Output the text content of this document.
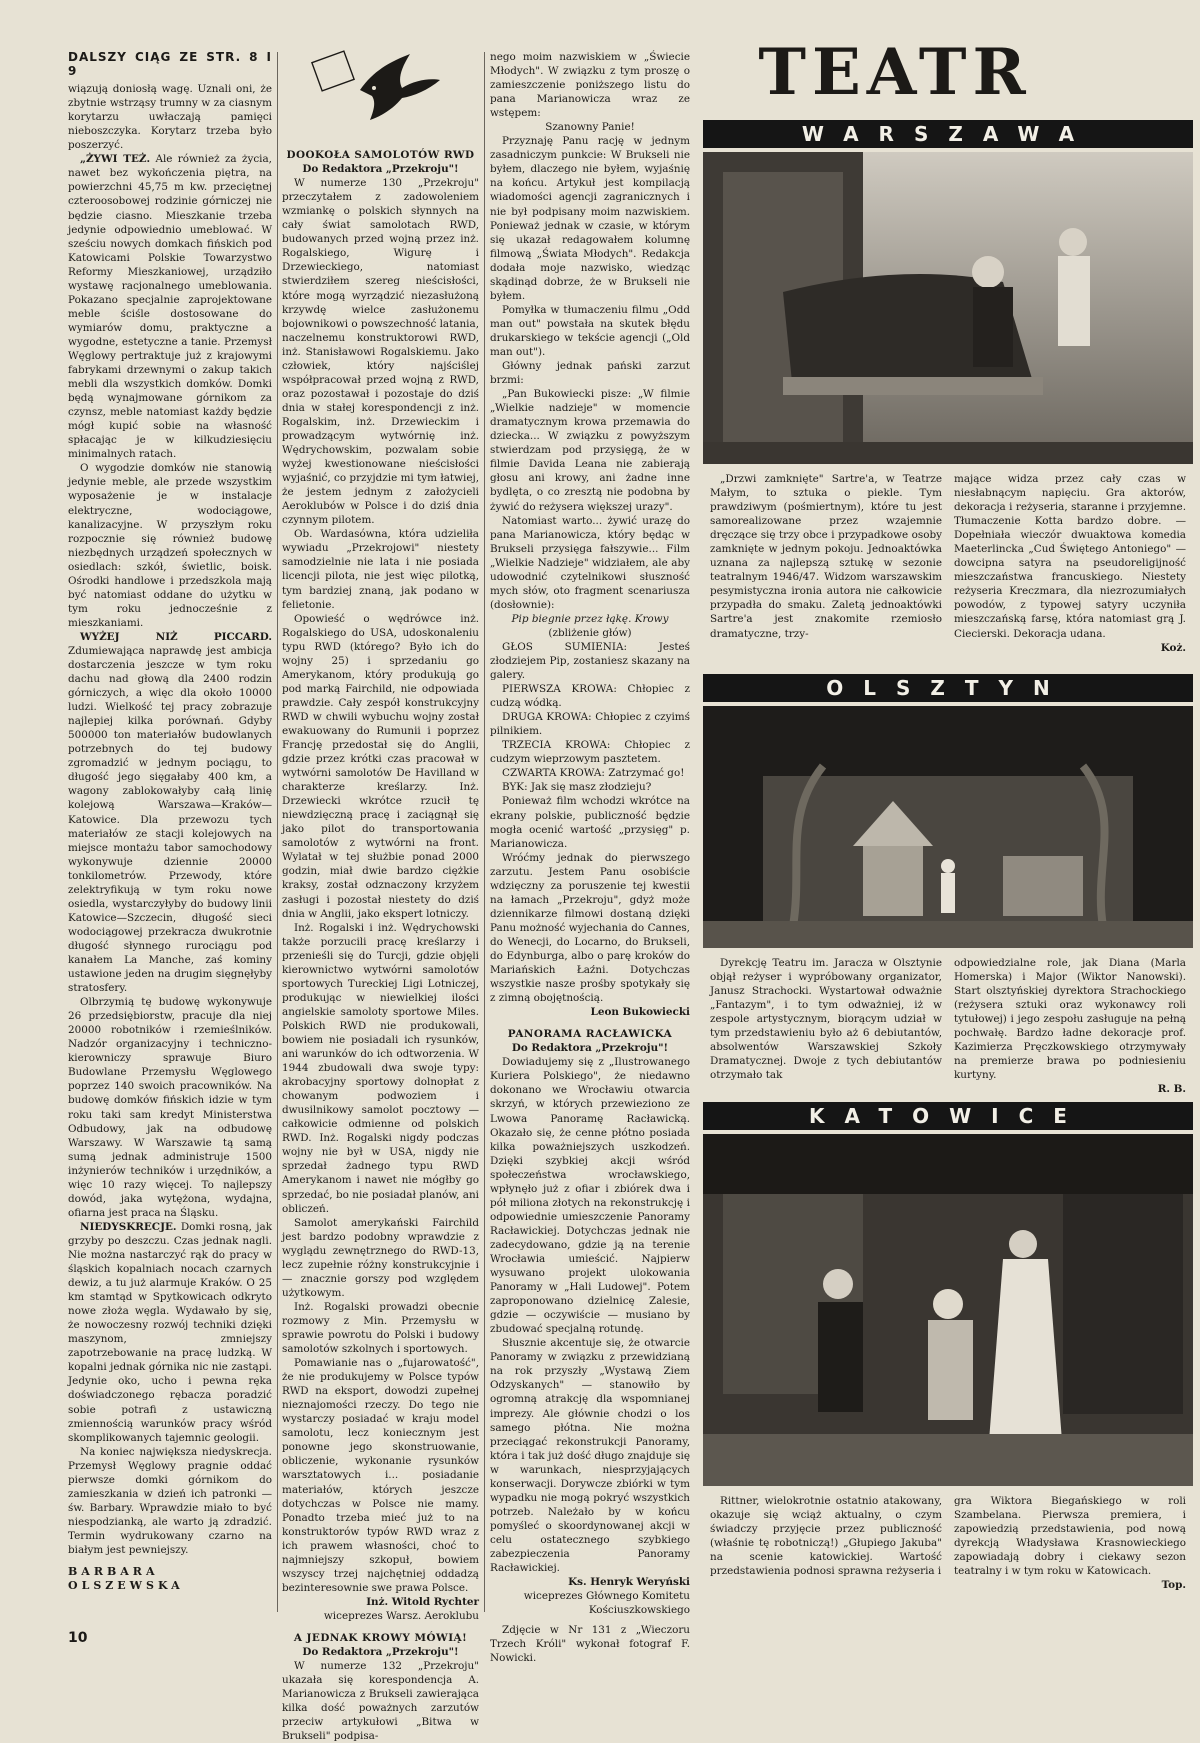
DALSZY CIĄG ZE STR. 8 I 9

wiązują doniosłą wagę. Uznali oni, że zbytnie wstrząsy trumny w za ciasnym korytarzu uwłaczają pamięci nieboszczyka. Korytarz trzeba było poszerzyć.

„ŻYWI TEŻ. Ale również za życia, nawet bez wykończenia piętra, na powierzchni 45,75 m kw. przeciętnej czteroosobowej rodzinie górniczej nie będzie ciasno. Mieszkanie trzeba jedynie odpowiednio umeblować. W sześciu nowych domkach fińskich pod Katowicami Polskie Towarzystwo Reformy Mieszkaniowej, urządziło wystawę racjonalnego umeblowania. Pokazano specjalnie zaprojektowane meble ściśle dostosowane do wymiarów domu, praktyczne a wygodne, estetyczne a tanie. Przemysł Węglowy pertraktuje już z krajowymi fabrykami drzewnymi o zakup takich mebli dla wszystkich domków. Domki będą wynajmowane górnikom za czynsz, meble natomiast każdy będzie mógł kupić sobie na własność spłacając je w kilkudziesięciu minimalnych ratach.

O wygodzie domków nie stanowią jedynie meble, ale przede wszystkim wyposażenie je w instalacje elektryczne, wodociągowe, kanalizacyjne. W przyszłym roku rozpocznie się również budowę niezbędnych urządzeń społecznych w osiedlach: szkół, świetlic, boisk. Ośrodki handlowe i przedszkola mają być natomiast oddane do użytku w tym roku jednocześnie z mieszkaniami.

WYŻEJ NIŻ PICCARD. Zdumiewająca naprawdę jest ambicja dostarczenia jeszcze w tym roku dachu nad głową dla 2400 rodzin górniczych, a więc dla około 10000 ludzi. Wielkość tej pracy zobrazuje najlepiej kilka porównań. Gdyby 500000 ton materiałów budowlanych potrzebnych do tej budowy zgromadzić w jednym pociągu, to długość jego sięgałaby 400 km, a wagony zablokowałyby całą linię kolejową Warszawa—Kraków—Katowice. Dla przewozu tych materiałów ze stacji kolejowych na miejsce montażu tabor samochodowy wykonywuje dziennie 20000 tonkilometrów. Przewody, które zelektryfikują w tym roku nowe osiedla, wystarczyłyby do budowy linii Katowice—Szczecin, długość sieci wodociągowej przekracza dwukrotnie długość słynnego rurociągu pod kanałem La Manche, zaś kominy ustawione jeden na drugim sięgnęłyby stratosfery.

Olbrzymią tę budowę wykonywuje 26 przedsiębiorstw, pracuje dla niej 20000 robotników i rzemieślników. Nadzór organizacyjny i techniczno-kierowniczy sprawuje Biuro Budowlane Przemysłu Węglowego poprzez 140 swoich pracowników. Na budowę domków fińskich idzie w tym roku taki sam kredyt Ministerstwa Odbudowy, jak na odbudowę Warszawy. W Warszawie tą samą sumą jednak administruje 1500 inżynierów techników i urzędników, a więc 10 razy więcej. To najlepszy dowód, jaka wytężona, wydajna, ofiarna jest praca na Śląsku.

NIEDYSKRECJE. Domki rosną, jak grzyby po deszczu. Czas jednak nagli. Nie można nastarczyć rąk do pracy w śląskich kopalniach nocach czarnych dewiz, a tu już alarmuje Kraków. O 25 km stamtąd w Spytkowicach odkryto nowe złoża węgla. Wydawało by się, że nowoczesny rozwój techniki dzięki maszynom, zmniejszy zapotrzebowanie na pracę ludzką. W kopalni jednak górnika nic nie zastąpi. Jedynie oko, ucho i pewna ręka doświadczonego rębacza poradzić sobie potrafi z ustawiczną zmiennością warunków pracy wśród skomplikowanych tajemnic geologii.

Na koniec największa niedyskrecja. Przemysł Węglowy pragnie oddać pierwsze domki górnikom do zamieszkania w dzień ich patronki — św. Barbary. Wprawdzie miało to być niespodzianką, ale warto ją zdradzić. Termin wydrukowany czarno na białym jest pewniejszy.

BARBARA OLSZEWSKA

DOOKOŁA SAMOLOTÓW RWD

Do Redaktora „Przekroju"!

W numerze 130 „Przekroju" przeczytałem z zadowoleniem wzmiankę o polskich słynnych na cały świat samolotach RWD, budowanych przed wojną przez inż. Rogalskiego, Wigurę i Drzewieckiego, natomiast stwierdziłem szereg nieścisłości, które mogą wyrządzić niezasłużoną krzywdę wielce zasłużonemu bojownikowi o powszechność latania, naczelnemu konstruktorowi RWD, inż. Stanisławowi Rogalskiemu. Jako człowiek, który najściślej współpracował przed wojną z RWD, oraz pozostawał i pozostaje do dziś dnia w stałej korespondencji z inż. Rogalskim, inż. Drzewieckim i prowadzącym wytwórnię inż. Wędrychowskim, pozwalam sobie wyżej kwestionowane nieścisłości wyjaśnić, co przyjdzie mi tym łatwiej, że jestem jednym z założycieli Aeroklubów w Polsce i do dziś dnia czynnym pilotem.

Ob. Wardasówna, która udzieliła wywiadu „Przekrojowi" niestety samodzielnie nie lata i nie posiada licencji pilota, nie jest więc pilotką, tym bardziej znaną, jak podano w felietonie.

Opowieść o wędrówce inż. Rogalskiego do USA, udoskonaleniu typu RWD (którego? Było ich do wojny 25) i sprzedaniu go Amerykanom, który produkują go pod marką Fairchild, nie odpowiada prawdzie. Cały zespół konstrukcyjny RWD w chwili wybuchu wojny został ewakuowany do Rumunii i poprzez Francję przedostał się do Anglii, gdzie przez krótki czas pracował w wytwórni samolotów De Havilland w charakterze kreślarzy. Inż. Drzewiecki wkrótce rzucił tę niewdzięczną pracę i zaciągnął się jako pilot do transportowania samolotów z wytwórni na front. Wylatał w tej służbie ponad 2000 godzin, miał dwie bardzo ciężkie kraksy, został odznaczony krzyżem zasługi i pozostał niestety do dziś dnia w Anglii, jako ekspert lotniczy.

Inż. Rogalski i inż. Wędrychowski także porzucili pracę kreślarzy i przenieśli się do Turcji, gdzie objęli kierownictwo wytwórni samolotów sportowych Tureckiej Ligi Lotniczej, produkując w niewielkiej ilości angielskie samoloty sportowe Miles. Polskich RWD nie produkowali, bowiem nie posiadali ich rysunków, ani warunków do ich odtworzenia. W 1944 zbudowali dwa swoje typy: akrobacyjny sportowy dolnopłat z chowanym podwoziem i dwusilnikowy samolot pocztowy — całkowicie odmienne od polskich RWD. Inż. Rogalski nigdy podczas wojny nie był w USA, nigdy nie sprzedał żadnego typu RWD Amerykanom i nawet nie mógłby go sprzedać, bo nie posiadał planów, ani obliczeń.

Samolot amerykański Fairchild jest bardzo podobny wprawdzie z wyglądu zewnętrznego do RWD-13, lecz zupełnie różny konstrukcyjnie i — znacznie gorszy pod względem użytkowym.

Inż. Rogalski prowadzi obecnie rozmowy z Min. Przemysłu w sprawie powrotu do Polski i budowy samolotów szkolnych i sportowych.

Pomawianie nas o „fujarowatość", że nie produkujemy w Polsce typów RWD na eksport, dowodzi zupełnej nieznajomości rzeczy. Do tego nie wystarczy posiadać w kraju model samolotu, lecz koniecznym jest ponowne jego skonstruowanie, obliczenie, wykonanie rysunków warsztatowych i... posiadanie materiałów, których jeszcze dotychczas w Polsce nie mamy. Ponadto trzeba mieć już to na konstruktorów typów RWD wraz z ich prawem własności, choć to najmniejszy szkopuł, bowiem wszyscy trzej najchętniej oddadzą bezinteresownie swe prawa Polsce.

Inż. Witold Rychter

wiceprezes Warsz. Aeroklubu

A JEDNAK KROWY MÓWIĄ!

Do Redaktora „Przekroju"!

W numerze 132 „Przekroju" ukazała się korespondencja A. Marianowicza z Brukseli zawierająca kilka dość poważnych zarzutów przeciw artykułowi „Bitwa w Brukseli" podpisa-

nego moim nazwiskiem w „Świecie Młodych". W związku z tym proszę o zamieszczenie poniższego listu do pana Marianowicza wraz ze wstępem:

Szanowny Panie!

Przyznaję Panu rację w jednym zasadniczym punkcie: W Brukseli nie byłem, dlaczego nie byłem, wyjaśnię na końcu. Artykuł jest kompilacją wiadomości agencji zagranicznych i nie był podpisany moim nazwiskiem. Ponieważ jednak w czasie, w którym się ukazał redagowałem kolumnę filmową „Świata Młodych". Redakcja dodała moje nazwisko, wiedząc skądinąd dobrze, że w Brukseli nie byłem.

Pomyłka w tłumaczeniu filmu „Odd man out" powstała na skutek błędu drukarskiego w tekście agencji („Old man out").

Główny jednak pański zarzut brzmi:

„Pan Bukowiecki pisze: „W filmie „Wielkie nadzieje" w momencie dramatycznym krowa przemawia do dziecka... W związku z powyższym stwierdzam pod przysięgą, że w filmie Davida Leana nie zabierają głosu ani krowy, ani żadne inne bydlęta, o co zresztą nie podobna by żywić do reżysera większej urazy".

Natomiast warto... żywić urazę do pana Marianowicza, który będąc w Brukseli przysięga fałszywie... Film „Wielkie Nadzieje" widziałem, ale aby udowodnić czytelnikowi słuszność mych słów, oto fragment scenariusza (dosłownie):

Pip biegnie przez łąkę. Krowy

(zbliżenie głów)

GŁOS SUMIENIA: Jesteś złodziejem Pip, zostaniesz skazany na galery.

PIERWSZA KROWA: Chłopiec z cudzą wódką.

DRUGA KROWA: Chłopiec z czyimś pilnikiem.

TRZECIA KROWA: Chłopiec z cudzym wieprzowym pasztetem.

CZWARTA KROWA: Zatrzymać go!

BYK: Jak się masz złodzieju?

Ponieważ film wchodzi wkrótce na ekrany polskie, publiczność będzie mogła ocenić wartość „przysięg" p. Marianowicza.

Wróćmy jednak do pierwszego zarzutu. Jestem Panu osobiście wdzięczny za poruszenie tej kwestii na łamach „Przekroju", gdyż może dziennikarze filmowi dostaną dzięki Panu możność wyjechania do Cannes, do Wenecji, do Locarno, do Brukseli, do Edynburga, albo o parę kroków do Mariańskich Łaźni. Dotychczas wszystkie nasze prośby spotykały się z zimną obojętnością.

Leon Bukowiecki

PANORAMA RACŁAWICKA

Do Redaktora „Przekroju"!

Dowiadujemy się z „Ilustrowanego Kuriera Polskiego", że niedawno dokonano we Wrocławiu otwarcia skrzyń, w których przewieziono ze Lwowa Panoramę Racławicką. Okazało się, że cenne płótno posiada kilka poważniejszych uszkodzeń. Dzięki szybkiej akcji wśród społeczeństwa wrocławskiego, wpłynęło już z ofiar i zbiórek dwa i pół miliona złotych na rekonstrukcję i odpowiednie umieszczenie Panoramy Racławickiej. Dotychczas jednak nie zadecydowano, gdzie ją na terenie Wrocławia umieścić. Najpierw wysuwano projekt ulokowania Panoramy w „Hali Ludowej". Potem zaproponowano dzielnicę Zalesie, gdzie — oczywiście — musiano by zbudować specjalną rotundę.

Słusznie akcentuje się, że otwarcie Panoramy w związku z przewidzianą na rok przyszły „Wystawą Ziem Odzyskanych" — stanowiło by ogromną atrakcję dla wspomnianej imprezy. Ale głównie chodzi o los samego płótna. Nie można przeciągać rekonstrukcji Panoramy, która i tak już dość długo znajduje się w warunkach, niesprzyjających konserwacji. Dorywcze zbiórki w tym wypadku nie mogą pokryć wszystkich potrzeb. Należało by w końcu pomyśleć o skoordynowanej akcji w celu ostatecznego szybkiego zabezpieczenia Panoramy Racławickiej.

Ks. Henryk Weryński

wiceprezes Głównego Komitetu

Kościuszkowskiego

Zdjęcie w Nr 131 z „Wieczoru Trzech Króli" wykonał fotograf F. Nowicki.

TEATR
WARSZAWA

„Drzwi zamknięte" Sartre'a, w Teatrze Małym, to sztuka o piekle. Tym prawdziwym (pośmiertnym), które tu jest samorealizowane przez wzajemnie dręczące się trzy obce i przypadkowe osoby zamknięte w jednym pokoju. Jednoaktówka uznana za najlepszą sztukę w sezonie teatralnym 1946/47. Widzom warszawskim pesymistyczna ironia autora nie całkowicie przypadła do smaku. Zaletą jednoaktówki Sartre'a jest znakomite rzemiosło dramatyczne, trzy-

mające widza przez cały czas w niesłabnącym napięciu. Gra aktorów, dekoracja i reżyseria, staranne i przyjemne. Tłumaczenie Kotta bardzo dobre. — Dopełniała wieczór dwuaktowa komedia Maeterlincka „Cud Świętego Antoniego" — dowcipna satyra na pseudoreligijność mieszczaństwa francuskiego. Niestety reżyseria Kreczmara, dla niezrozumiałych powodów, z typowej satyry uczyniła mieszczańską farsę, która natomiast grą J. Ciecierski. Dekoracja udana.

Koż.

OLSZTYN

Dyrekcję Teatru im. Jaracza w Olsztynie objął reżyser i wypróbowany organizator, Janusz Strachocki. Wystartował odważnie „Fantazym", i to tym odważniej, iż w zespole artystycznym, biorącym udział w tym przedstawieniu było aż 6 debiutantów, absolwentów Warszawskiej Szkoły Dramatycznej. Dwoje z tych debiutantów otrzymało tak

odpowiedzialne role, jak Diana (Marla Homerska) i Major (Wiktor Nanowski). Start olsztyńskiej dyrektora Strachockiego (reżysera sztuki oraz wykonawcy roli tytułowej) i jego zespołu zasługuje na pełną pochwałę. Bardzo ładne dekoracje prof. Kazimierza Pręczkowskiego otrzymywały na premierze brawa po podniesieniu kurtyny.

R. B.

KATOWICE

Rittner, wielokrotnie ostatnio atakowany, okazuje się wciąż aktualny, o czym świadczy przyjęcie przez publiczność (właśnie tę robotniczą!) „Głupiego Jakuba" na scenie katowickiej. Wartość przedstawienia podnosi sprawna reżyseria i

gra Wiktora Biegańskiego w roli Szambelana. Pierwsza premiera, i zapowiedzią przedstawienia, pod nową dyrekcją Władysława Krasnowieckiego zapowiadają dobry i ciekawy sezon teatralny i w tym roku w Katowicach.

Top.

10
